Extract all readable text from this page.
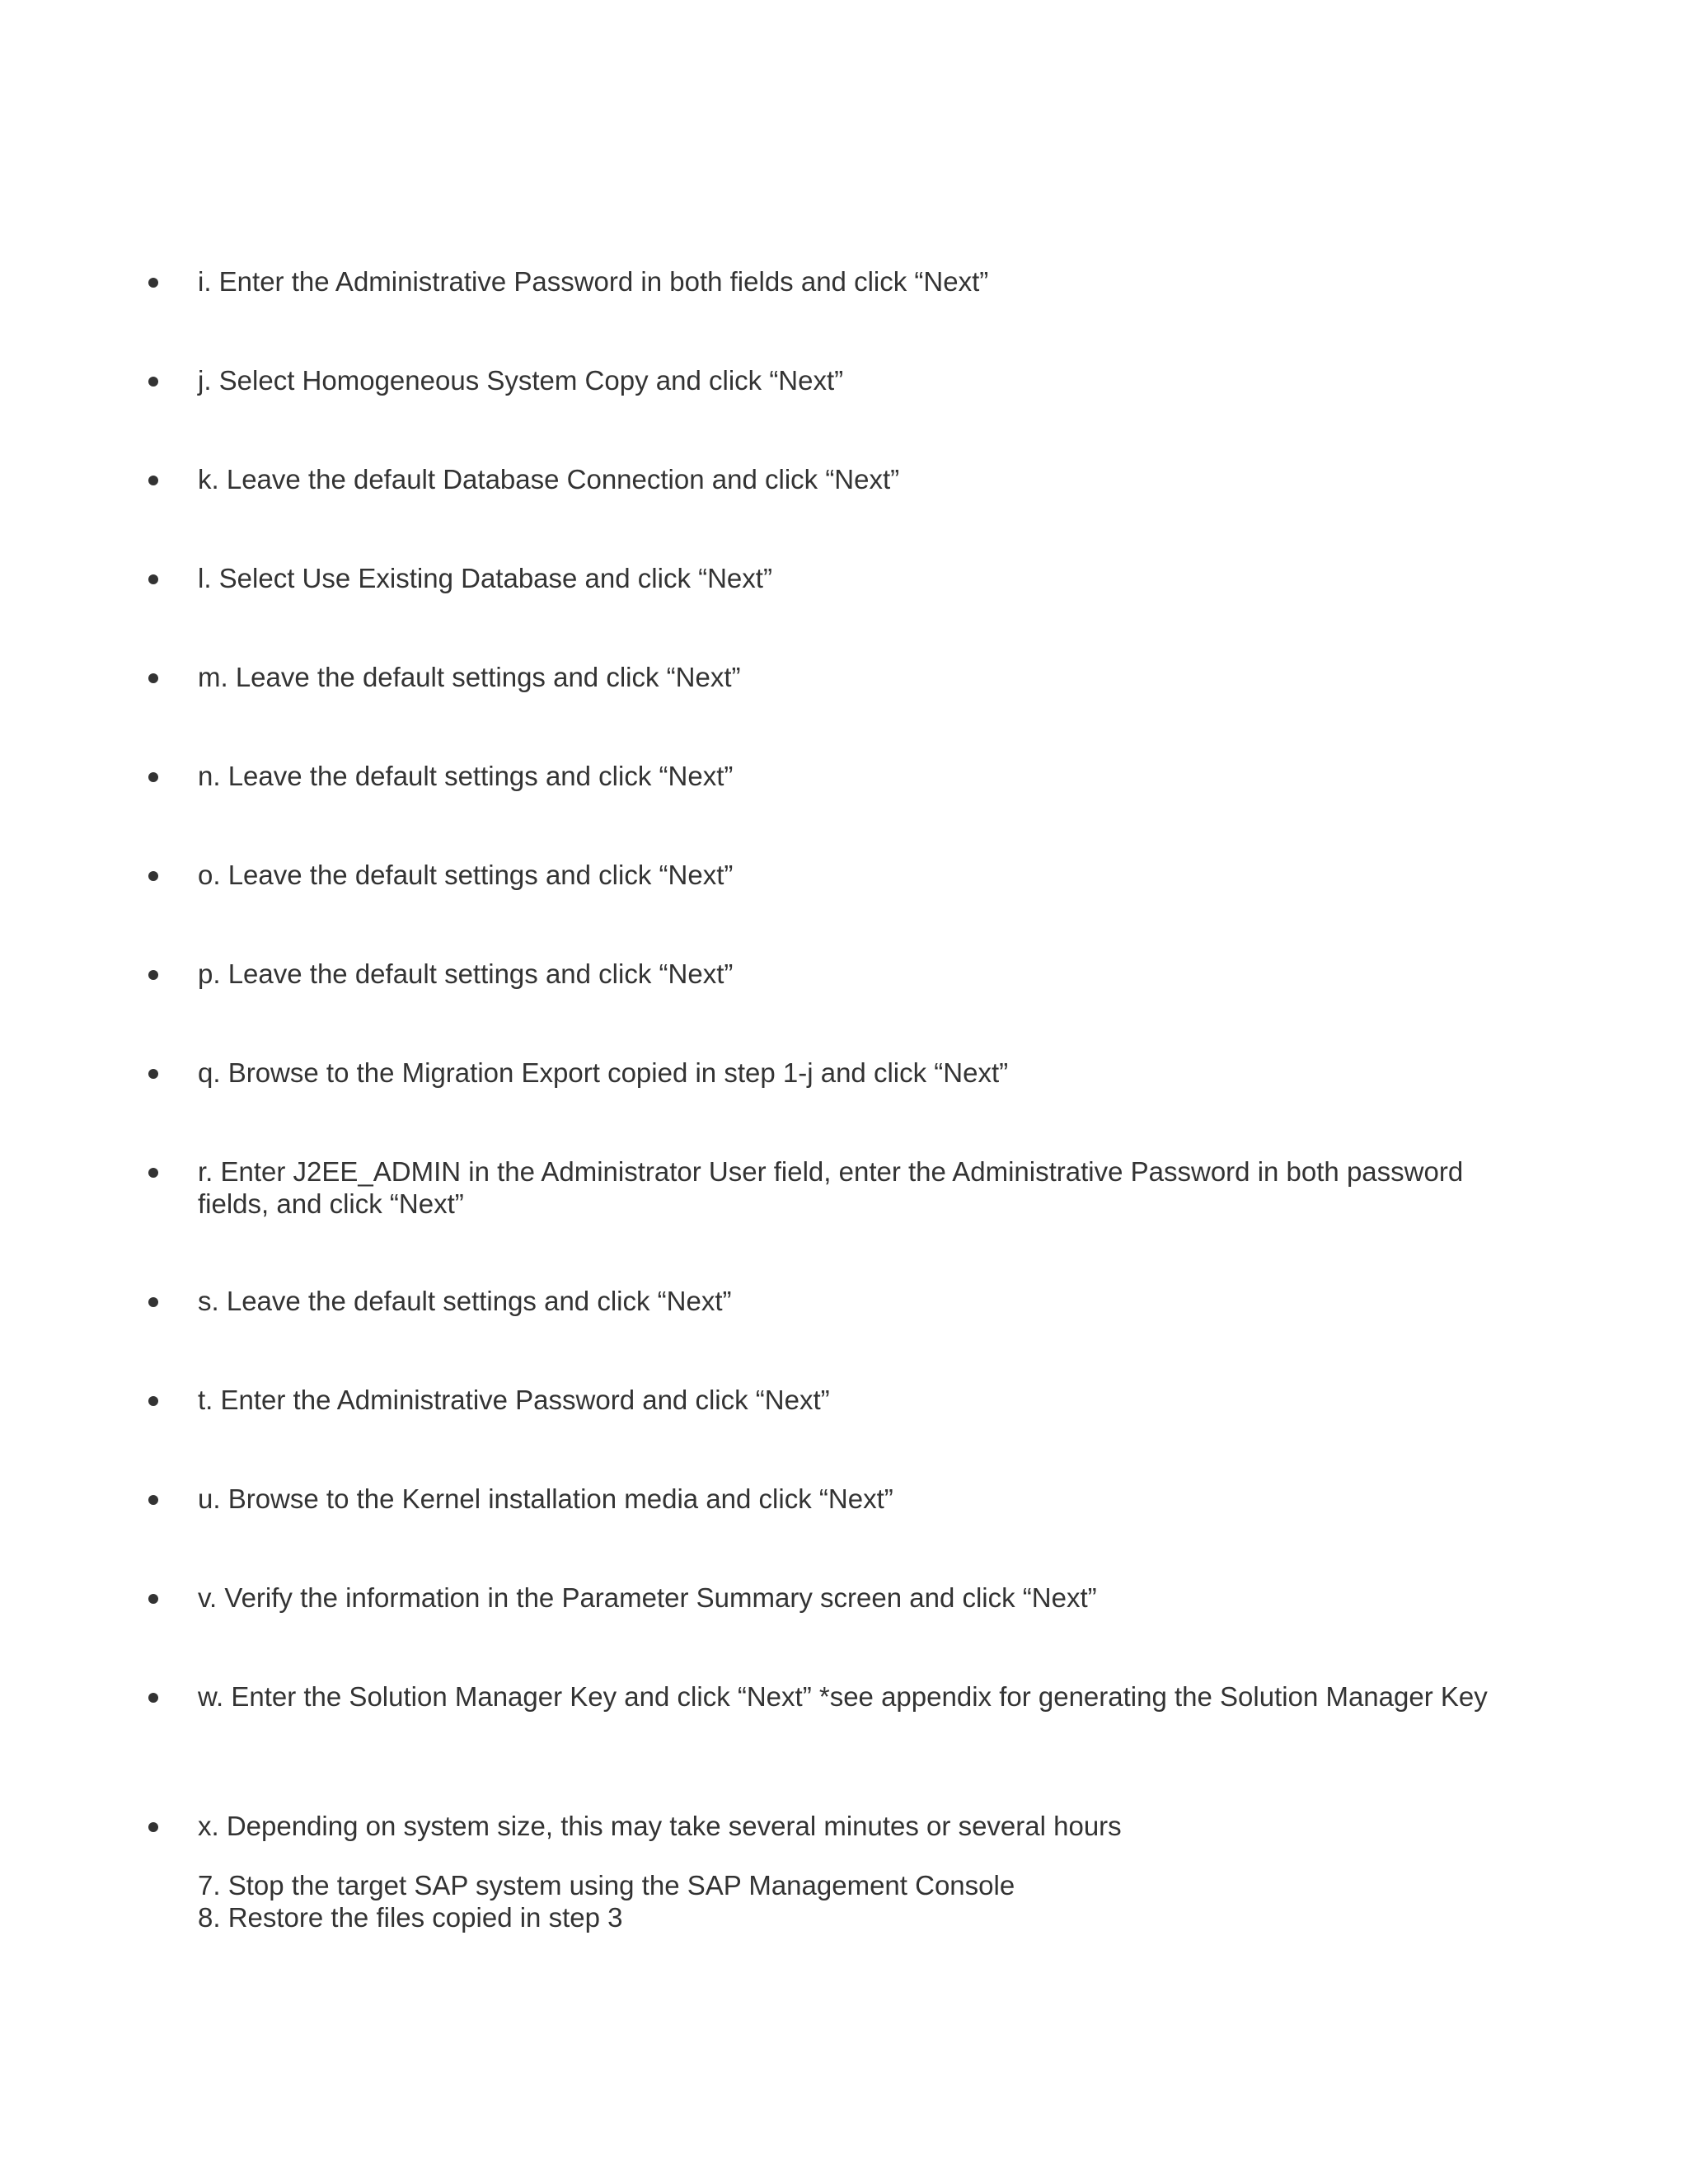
i. Enter the Administrative Password in both fields and click “Next”
j. Select Homogeneous System Copy and click “Next”
k. Leave the default Database Connection and click “Next”
l. Select Use Existing Database and click “Next”
m. Leave the default settings and click “Next”
n. Leave the default settings and click “Next”
o. Leave the default settings and click “Next”
p. Leave the default settings and click “Next”
q. Browse to the Migration Export copied in step 1-j and click “Next”
r. Enter J2EE_ADMIN in the Administrator User field, enter the Administrative Password in both password fields, and click “Next”
s. Leave the default settings and click “Next”
t. Enter the Administrative Password and click “Next”
u. Browse to the Kernel installation media and click “Next”
v. Verify the information in the Parameter Summary screen and click “Next”
w. Enter the Solution Manager Key and click “Next” *see appendix for generating the Solution Manager Key
x. Depending on system size, this may take several minutes or several hours
7. Stop the target SAP system using the SAP Management Console
8. Restore the files copied in step 3
